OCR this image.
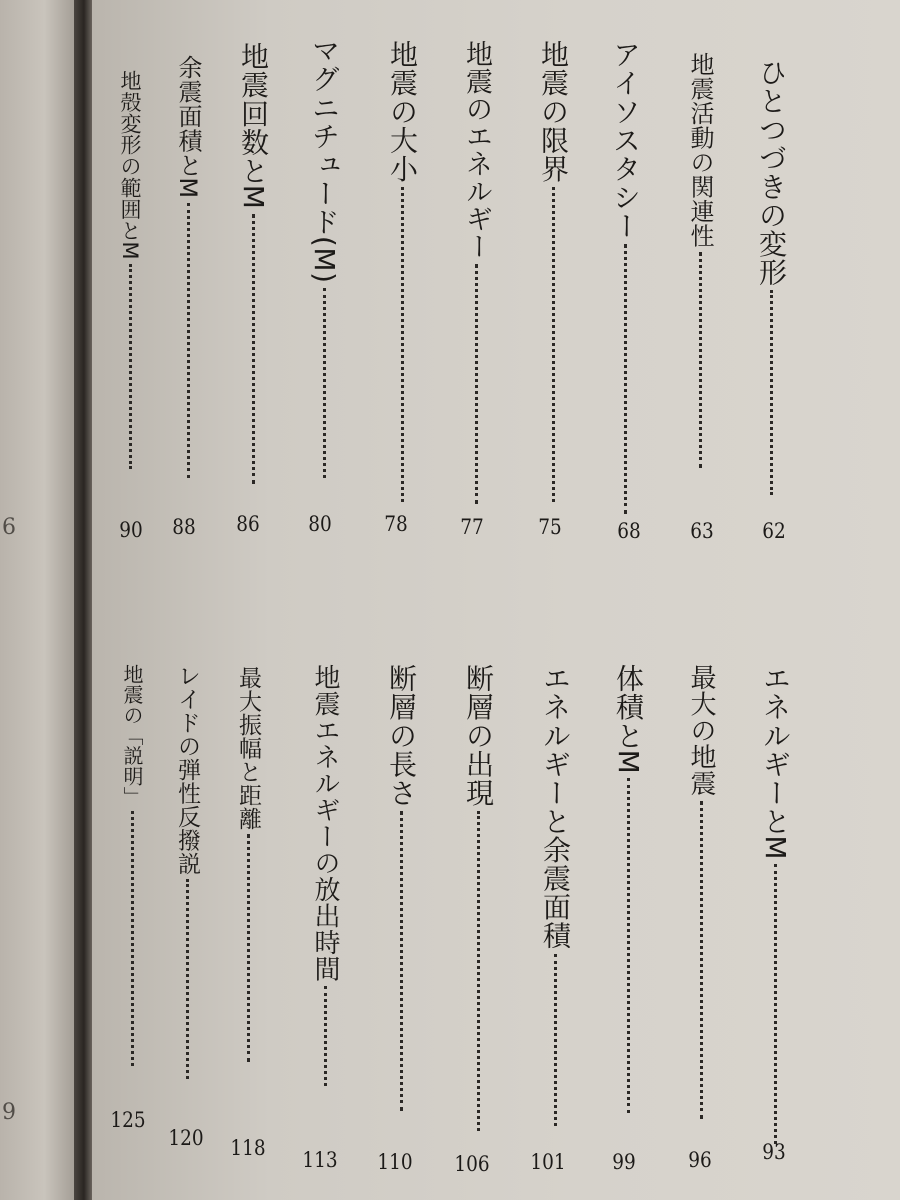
6
9
ひとつづきの変形
62
地震活動の関連性
63
アイソスタシー
68
地震の限界
75
地震のエネルギー
77
地震の大小
78
マグニチュード(M)
80
地震回数とM
86
余震面積とM
88
地殻変形の範囲とM
90
エネルギーとM
93
最大の地震
96
体積とM
99
エネルギーと余震面積
101
断層の出現
106
断層の長さ
110
地震エネルギーの放出時間
113
最大振幅と距離
118
レイドの弾性反撥説
120
地震の「説明」
125
